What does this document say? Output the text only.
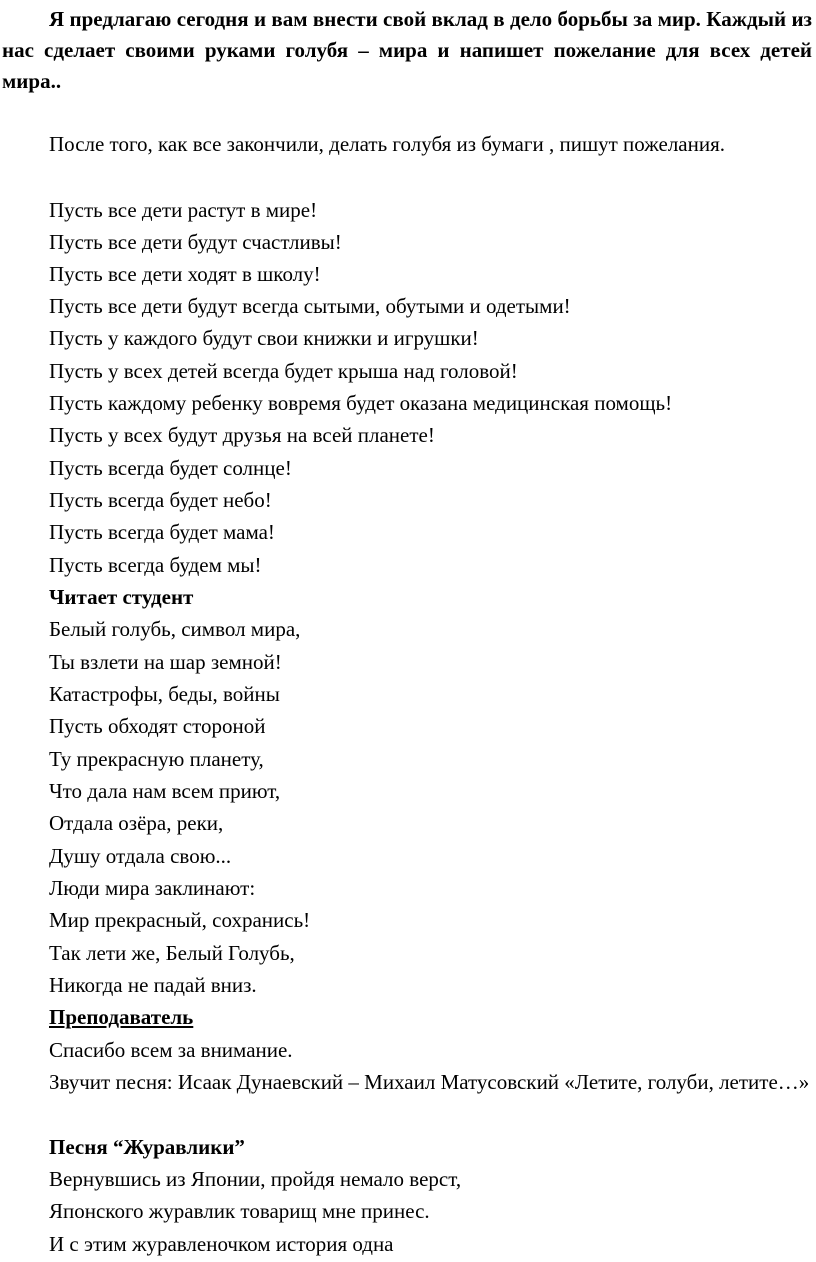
Я предлагаю сегодня и вам внести свой вклад в дело борьбы за мир. Каждый из нас сделает своими руками голубя – мира и напишет пожелание для всех детей мира..

После того, как все закончили, делать голубя из бумаги , пишут пожелания.

Пусть все дети растут в мире!

Пусть все дети будут счастливы!

Пусть все дети ходят в школу!

Пусть все дети будут всегда сытыми, обутыми и одетыми!

Пусть у каждого будут свои книжки и игрушки!

Пусть у всех детей всегда будет крыша над головой!

Пусть каждому ребенку вовремя будет оказана медицинская помощь!

Пусть у всех будут друзья на всей планете!

Пусть всегда будет солнце!

Пусть всегда будет небо!

Пусть всегда будет мама!

Пусть всегда будем мы!

Читает студент

Белый голубь, символ мира,

Ты взлети на шар земной!

Катастрофы, беды, войны

Пусть обходят стороной

Ту прекрасную планету,

Что дала нам всем приют,

Отдала озёра, реки,

Душу отдала свою...

Люди мира заклинают:

Мир прекрасный, сохранись!

Так лети же, Белый Голубь,

Никогда не падай вниз.

Преподаватель

Спасибо всем за внимание.

Звучит песня: Исаак Дунаевский – Михаил Матусовский «Летите, голуби, летите…»

Песня “Журавлики”

Вернувшись из Японии, пройдя немало верст,

Японского журавлик товарищ мне принес.

И с этим журавленочком история одна
